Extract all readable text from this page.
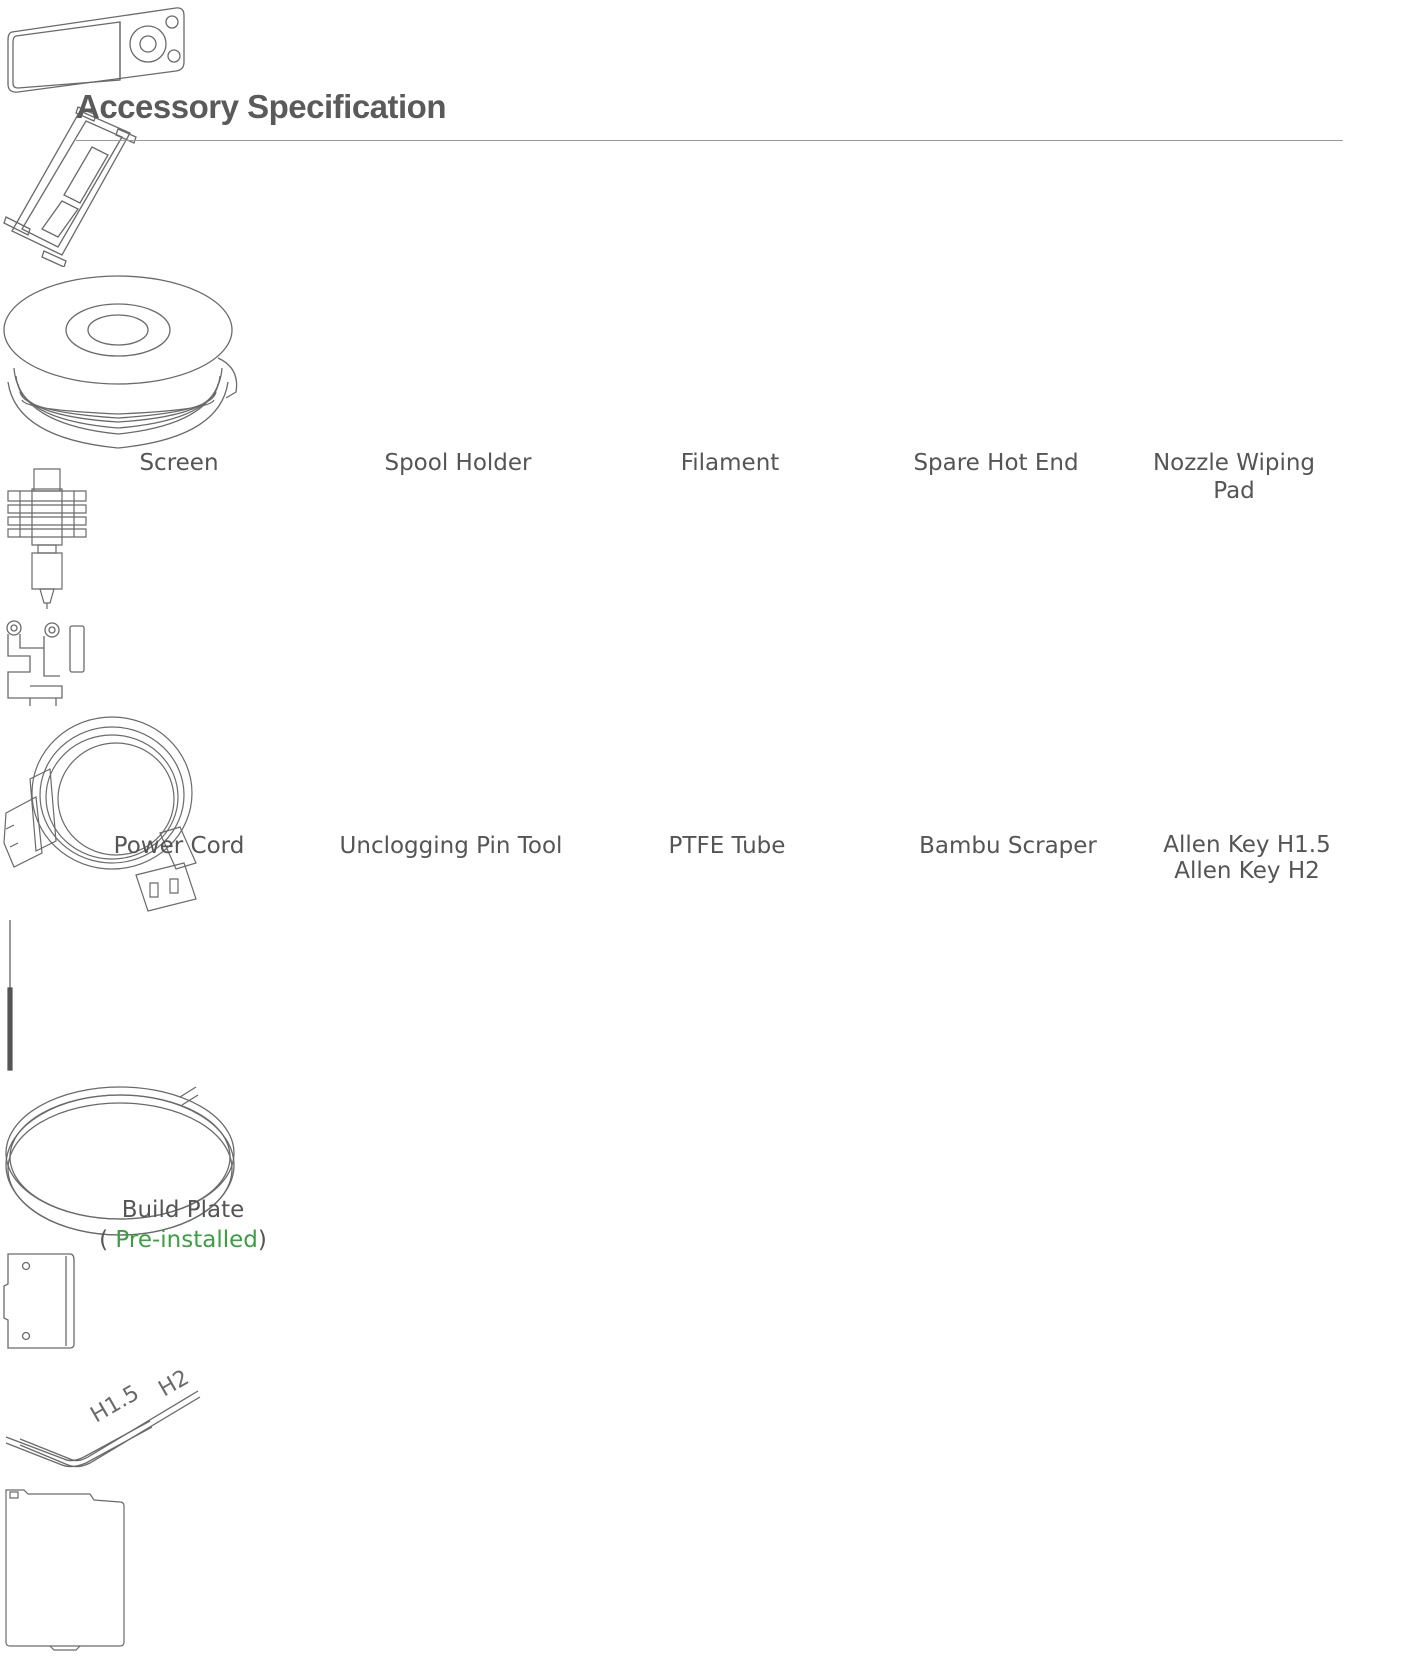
Accessory Specification
Screen	Spool Holder	Filament	Spare Hot End	Nozzle Wiping
Pad
Power Cord	Unclogging Pin Tool	PTFE Tube	Bambu Scraper
H1.5 H2
Allen Key H1.5
Allen Key H2
Build Plate
( Pre-installed)
